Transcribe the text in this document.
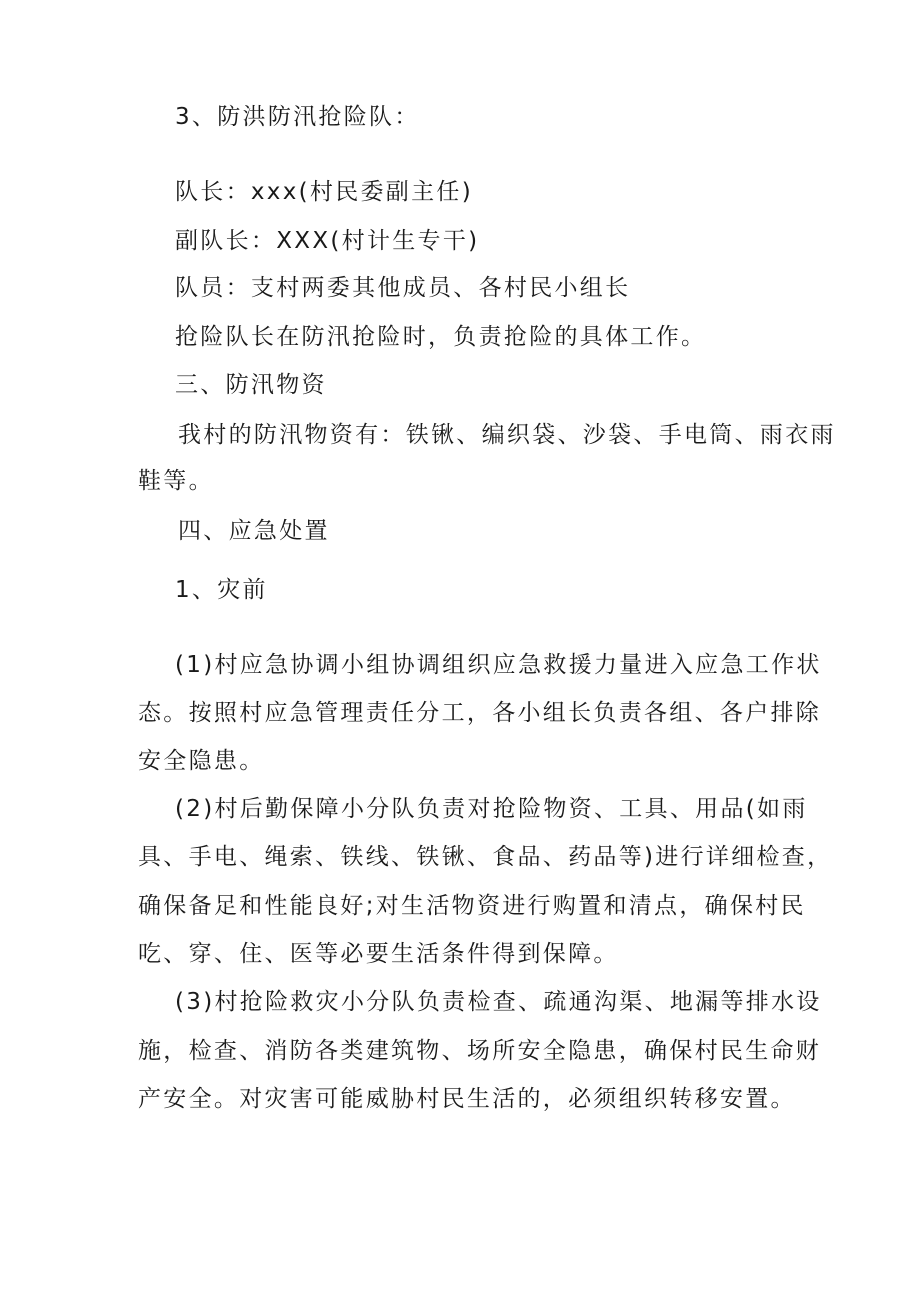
3、防洪防汛抢险队：
队长：xxx(村民委副主任)
副队长：XXX(村计生专干)
队员：支村两委其他成员、各村民小组长
抢险队长在防汛抢险时，负责抢险的具体工作。
三、防汛物资
我村的防汛物资有：铁锹、编织袋、沙袋、手电筒、雨衣雨
鞋等。
四、应急处置
1、灾前
(1)村应急协调小组协调组织应急救援力量进入应急工作状
态。按照村应急管理责任分工，各小组长负责各组、各户排除
安全隐患。
(2)村后勤保障小分队负责对抢险物资、工具、用品(如雨
具、手电、绳索、铁线、铁锹、食品、药品等)进行详细检查，
确保备足和性能良好;对生活物资进行购置和清点，确保村民
吃、穿、住、医等必要生活条件得到保障。
(3)村抢险救灾小分队负责检查、疏通沟渠、地漏等排水设
施，检查、消防各类建筑物、场所安全隐患，确保村民生命财
产安全。对灾害可能威胁村民生活的，必须组织转移安置。
